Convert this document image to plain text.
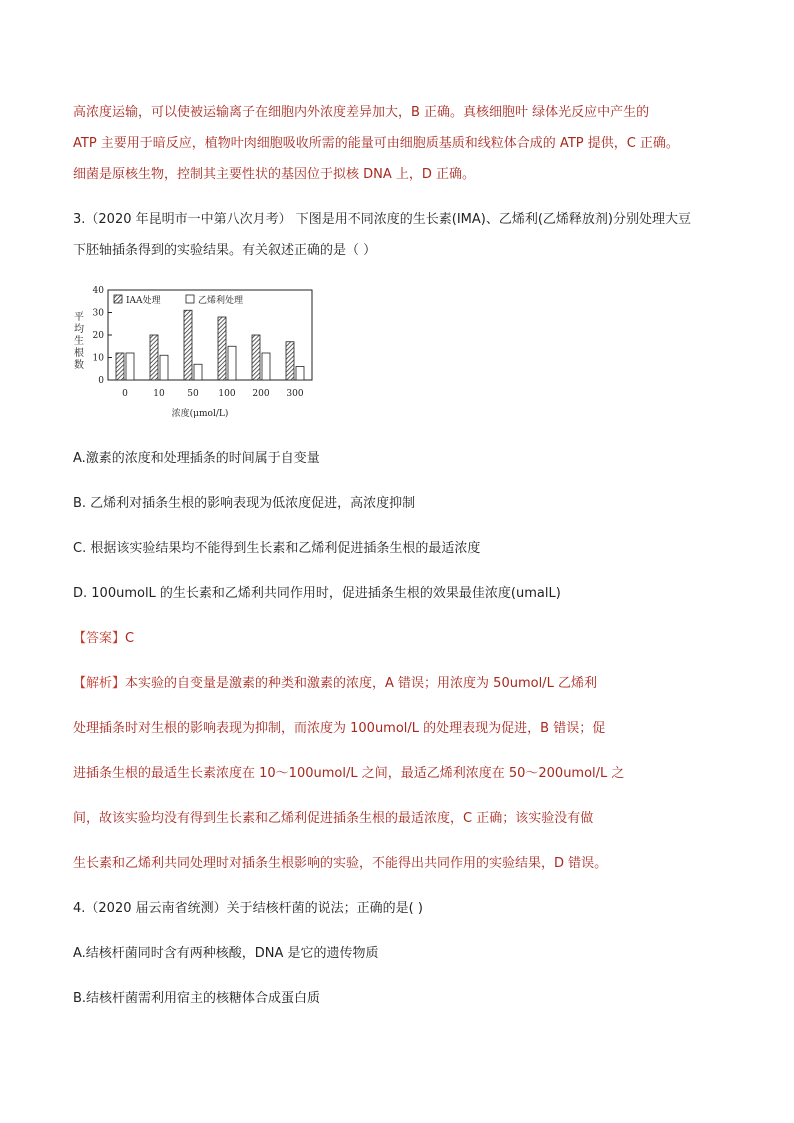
高浓度运输，可以使被运输离子在细胞内外浓度差异加大，B 正确。真核细胞叶 绿体光反应中产生的
ATP 主要用于暗反应，植物叶肉细胞吸收所需的能量可由细胞质基质和线粒体合成的 ATP 提供，C 正确。
细菌是原核生物，控制其主要性状的基因位于拟核 DNA 上，D 正确。
3.（2020 年昆明市一中第八次月考） 下图是用不同浓度的生长素(IMA)、乙烯利(乙烯释放剂)分别处理大豆
下胚轴插条得到的实验结果。有关叙述正确的是（ ）
0
10
20
30
40
平
均
生
根
数
0	10	50 100 200 300
浓度(μmol/L)
IAA处理	乙烯利处理
A.激素的浓度和处理插条的时间属于自变量
B. 乙烯利对插条生根的影响表现为低浓度促进，高浓度抑制
C. 根据该实验结果均不能得到生长素和乙烯利促进插条生根的最适浓度
D. 100umolL 的生长素和乙烯利共同作用时，促进插条生根的效果最佳浓度(umalL)
【答案】C
【解析】本实验的自变量是激素的种类和激素的浓度，A 错误；用浓度为 50umol/L 乙烯利
处理插条时对生根的影响表现为抑制，而浓度为 100umol/L 的处理表现为促进，B 错误；促
进插条生根的最适生长素浓度在 10～100umol/L 之间，最适乙烯利浓度在 50～200umol/L 之
间，故该实验均没有得到生长素和乙烯利促进插条生根的最适浓度，C 正确；该实验没有做
生长素和乙烯利共同处理时对插条生根影响的实验，不能得出共同作用的实验结果，D 错误。
4.（2020 届云南省统测）关于结核杆菌的说法；正确的是( )
A.结核杆菌同时含有两种核酸，DNA 是它的遗传物质
B.结核杆菌需利用宿主的核糖体合成蛋白质
